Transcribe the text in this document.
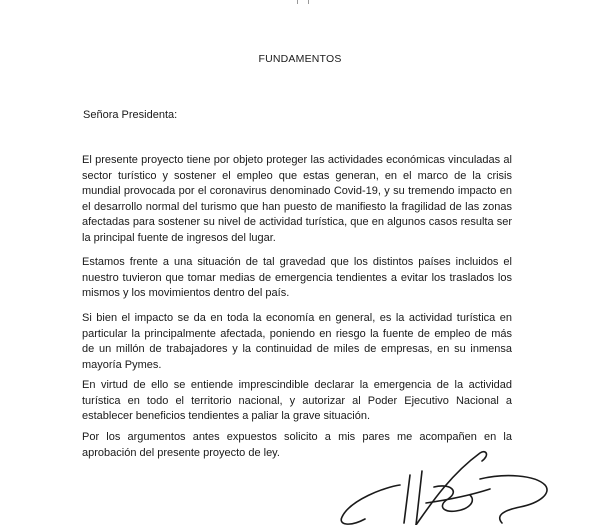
FUNDAMENTOS
Señora Presidenta:

El presente proyecto tiene por objeto proteger las actividades económicas vinculadas al sector turístico y sostener el empleo que estas generan, en el marco de la crisis mundial provocada por el coronavirus denominado Covid-19, y su tremendo impacto en el desarrollo normal del turismo que han puesto de manifiesto la fragilidad de las zonas afectadas para sostener su nivel de actividad turística, que en algunos casos resulta ser la principal fuente de ingresos del lugar.

Estamos frente a una situación de tal gravedad que los distintos países incluidos el nuestro tuvieron que tomar medias de emergencia tendientes a evitar los traslados los mismos y los movimientos dentro del país.

Si bien el impacto se da en toda la economía en general, es la actividad turística en particular la principalmente afectada, poniendo en riesgo la fuente de empleo de más de un millón de trabajadores y la continuidad de miles de empresas, en su inmensa mayoría Pymes.

En virtud de ello se entiende imprescindible declarar la emergencia de la actividad turística en todo el territorio nacional, y autorizar al Poder Ejecutivo Nacional a establecer beneficios tendientes a paliar la grave situación.

Por los argumentos antes expuestos solicito a mis pares me acompañen en la aprobación del presente proyecto de ley.
